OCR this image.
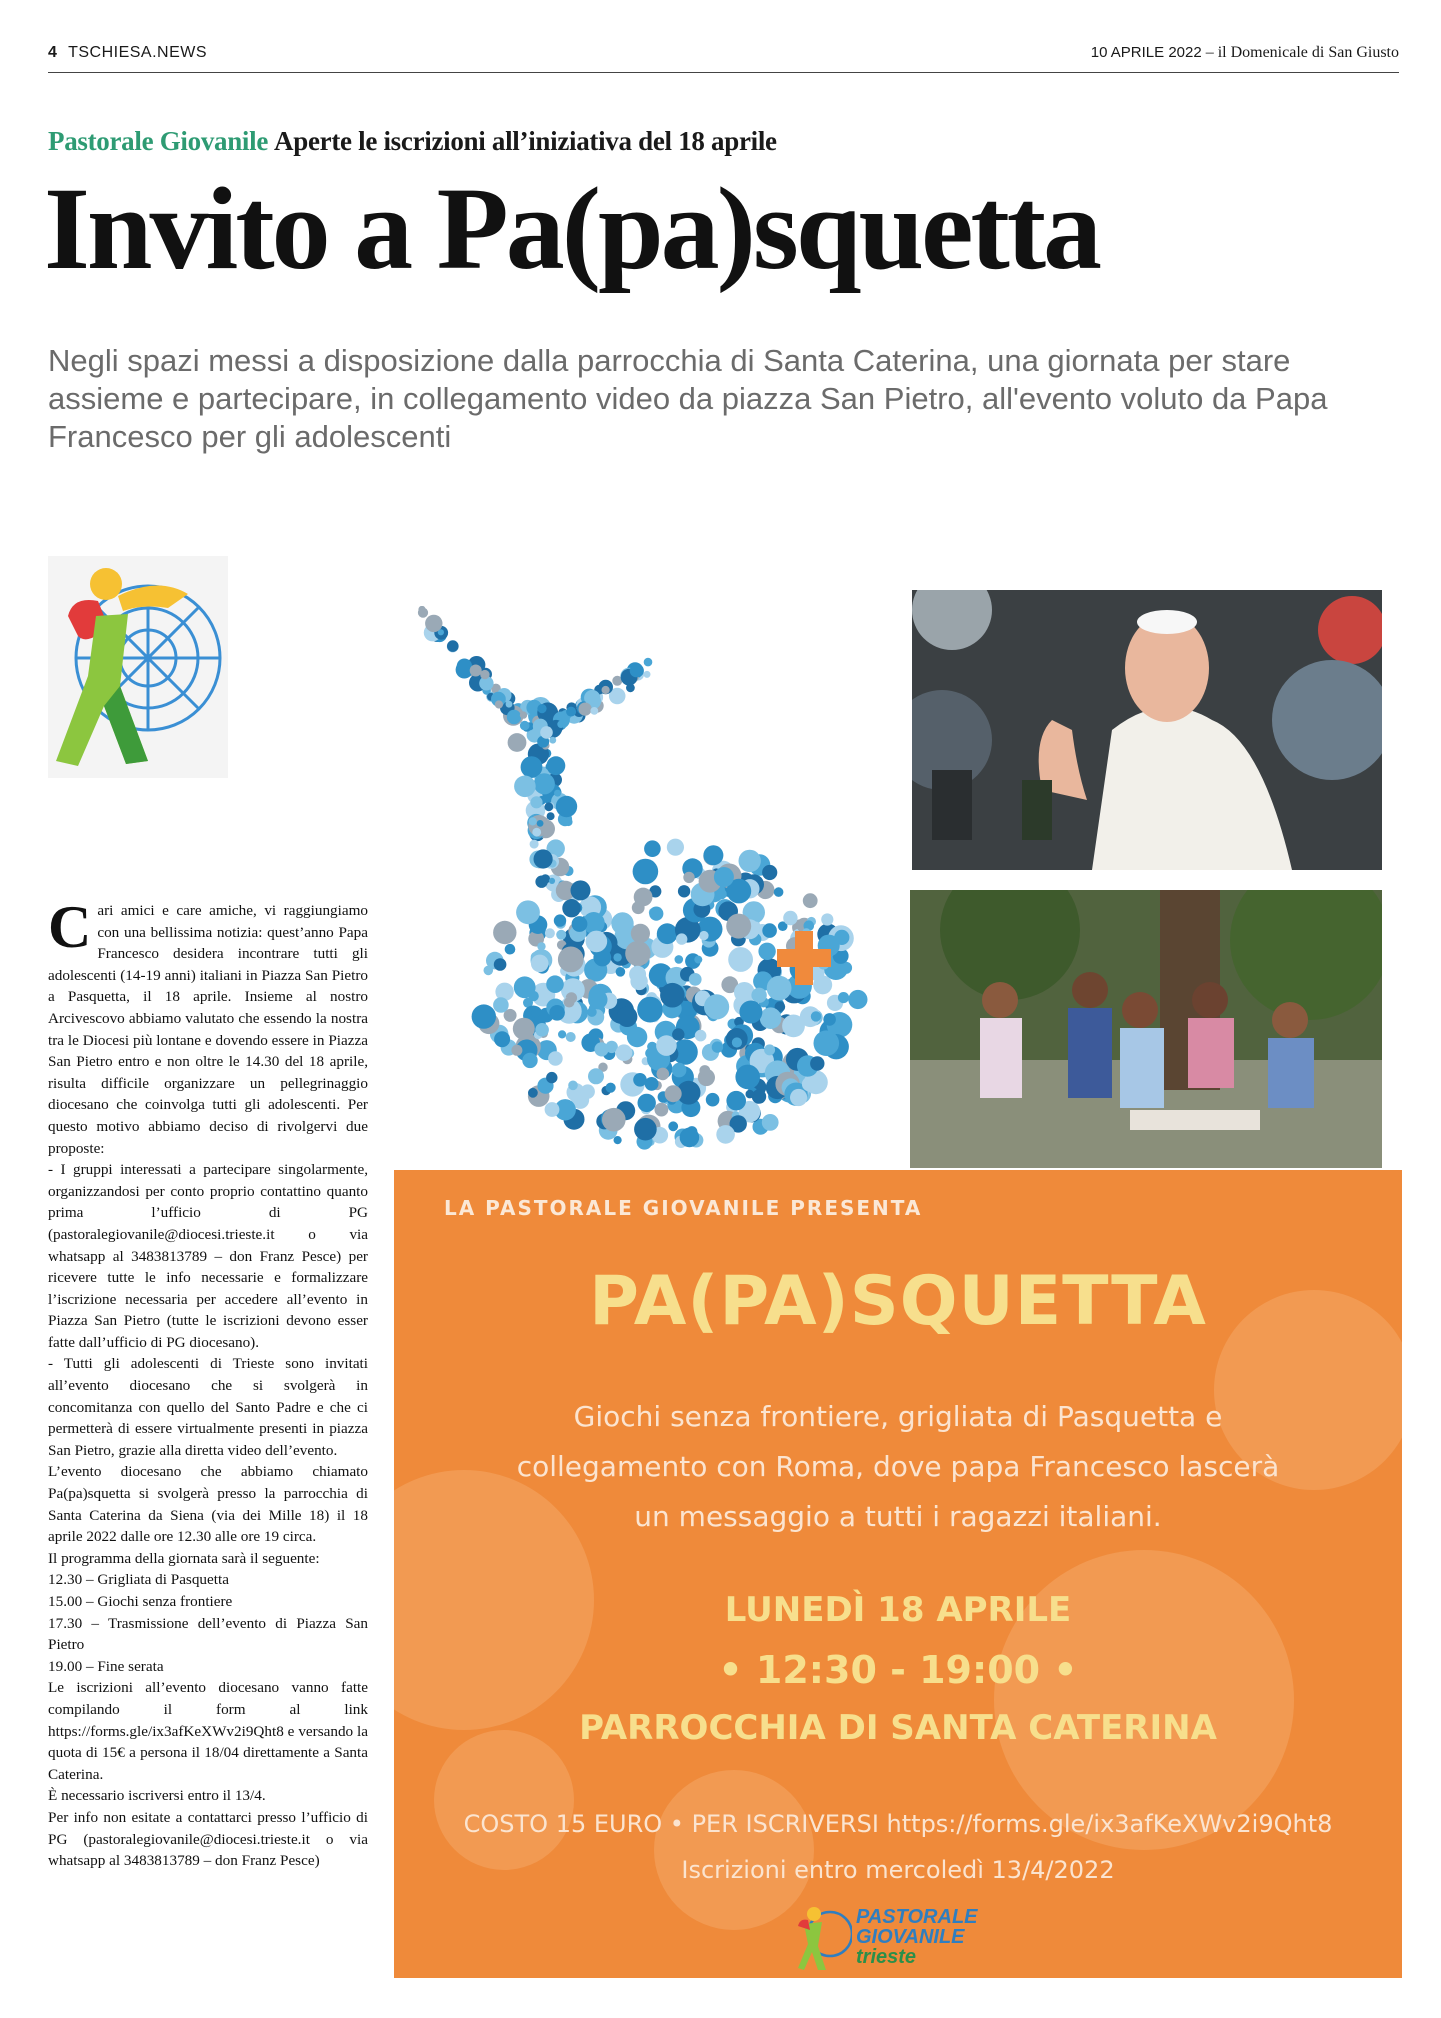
4 TSCHIESA.NEWS	10 APRILE 2022 – il Domenicale di San Giusto
Pastorale Giovanile Aperte le iscrizioni all’iniziativa del 18 aprile
Invito a Pa(pa)squetta
Negli spazi messi a disposizione dalla parrocchia di Santa Caterina, una giornata per stare assieme e partecipare, in collegamento video da piazza San Pietro, all'evento voluto da Papa Francesco per gli adolescenti

Cari amici e care amiche, vi raggiungiamo con una bellissima notizia: quest’anno Papa Francesco desidera incontrare tutti gli adolescenti (14-19 anni) italiani in Piazza San Pietro a Pasquetta, il 18 aprile. Insieme al nostro Arcivescovo abbiamo valutato che essendo la nostra tra le Diocesi più lontane e dovendo essere in Piazza San Pietro entro e non oltre le 14.30 del 18 aprile, risulta difficile organizzare un pellegrinaggio diocesano che coinvolga tutti gli adolescenti. Per questo motivo abbiamo deciso di rivolgervi due proposte:

- I gruppi interessati a partecipare singolarmente, organizzandosi per conto proprio contattino quanto prima l’ufficio di PG (pastoralegiovanile@diocesi.trieste.it o via whatsapp al 3483813789 – don Franz Pesce) per ricevere tutte le info necessarie e formalizzare l’iscrizione necessaria per accedere all’evento in Piazza San Pietro (tutte le iscrizioni devono esser fatte dall’ufficio di PG diocesano).

- Tutti gli adolescenti di Trieste sono invitati all’evento diocesano che si svolgerà in concomitanza con quello del Santo Padre e che ci permetterà di essere virtualmente presenti in piazza San Pietro, grazie alla diretta video dell’evento.

L’evento diocesano che abbiamo chiamato Pa(pa)squetta si svolgerà presso la parrocchia di Santa Caterina da Siena (via dei Mille 18) il 18 aprile 2022 dalle ore 12.30 alle ore 19 circa.

Il programma della giornata sarà il seguente:

12.30 – Grigliata di Pasquetta

15.00 – Giochi senza frontiere

17.30 – Trasmissione dell’evento di Piazza San Pietro

19.00 – Fine serata

Le iscrizioni all’evento diocesano vanno fatte compilando il form al link https://forms.gle/ix3afKeXWv2i9Qht8 e versando la quota di 15€ a persona il 18/04 direttamente a Santa Caterina.

È necessario iscriversi entro il 13/4.

Per info non esitate a contattarci presso l’ufficio di PG (pastoralegiovanile@diocesi.trieste.it o via whatsapp al 3483813789 – don Franz Pesce)

LA PASTORALE GIOVANILE PRESENTA
PA(PA)SQUETTA
Giochi senza frontiere, grigliata di Pasquetta e
collegamento con Roma, dove papa Francesco lascerà
un messaggio a tutti i ragazzi italiani.
LUNEDÌ 18 APRILE
• 12:30 - 19:00 •
PARROCCHIA DI SANTA CATERINA
COSTO 15 EURO • PER ISCRIVERSI https://forms.gle/ix3afKeXWv2i9Qht8
Iscrizioni entro mercoledì 13/4/2022
PASTORALE
GIOVANILE
trieste
